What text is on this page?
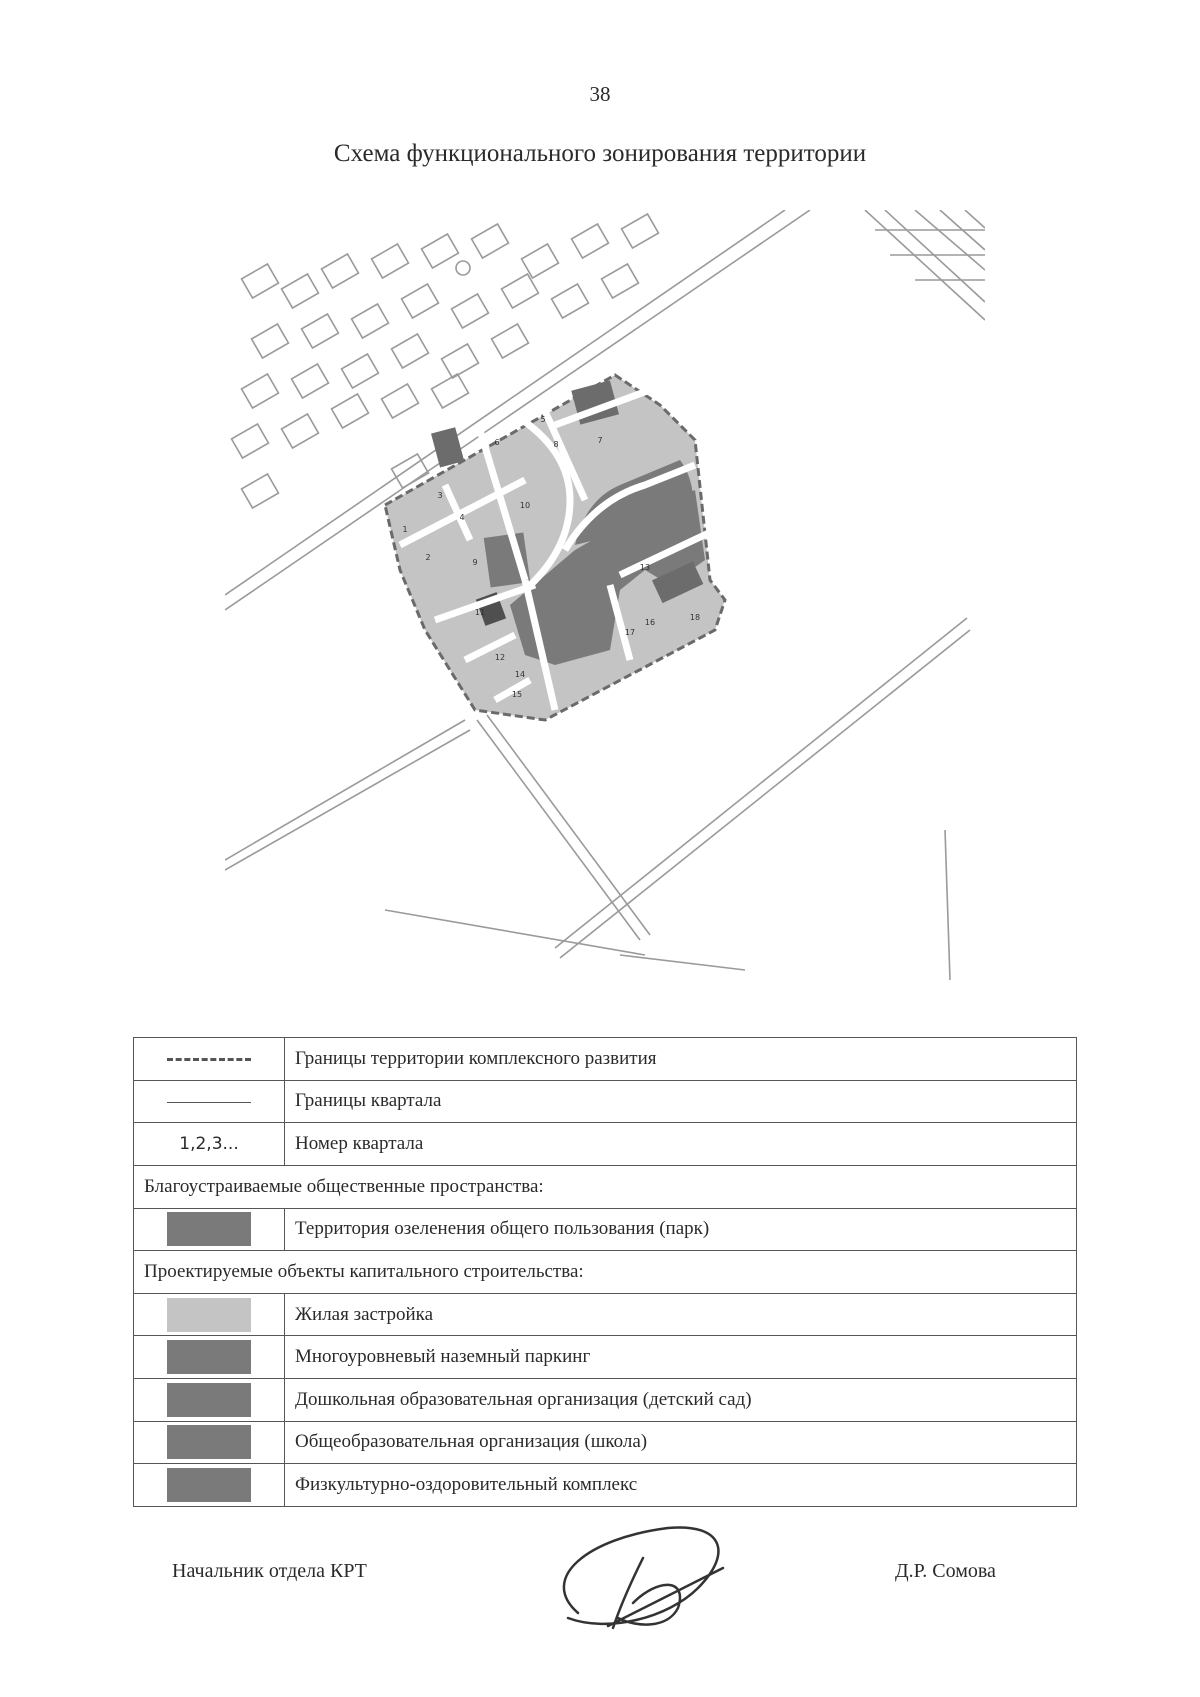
38
Схема функционального зонирования территории
1
2
3
4
5
6	7
8
9
10
11
12
13
14
15
16
17
18
	Границы территории комплексного развития
	Границы квартала
1,2,3...	Номер квартала
Благоустраиваемые общественные пространства:	
	Территория озеленения общего пользования (парк)
Проектируемые объекты капитального строительства:	
	Жилая застройка
	Многоуровневый наземный паркинг
	Дошкольная образовательная организация (детский сад)
	Общеобразовательная организация (школа)
	Физкультурно-оздоровительный комплекс
Начальник отдела КРТ	Д.Р. Сомова
